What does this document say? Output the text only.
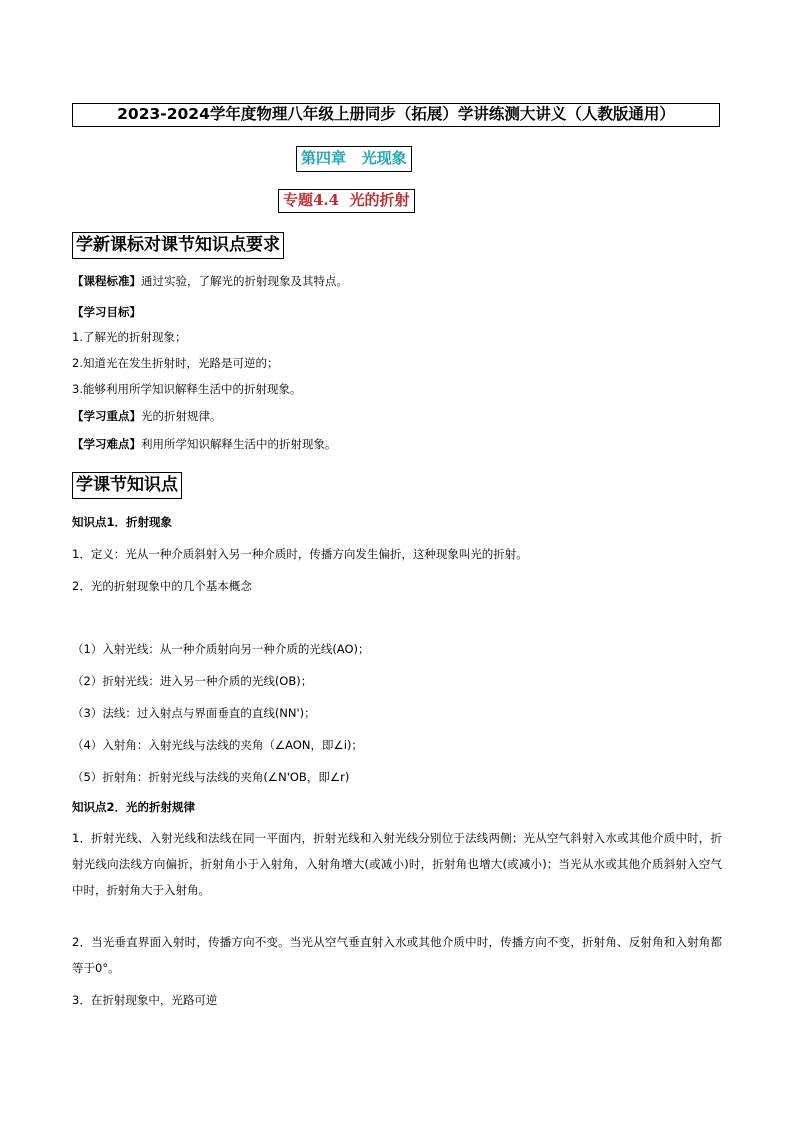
2023-2024学年度物理八年级上册同步（拓展）学讲练测大讲义（人教版通用）
第四章   光现象
专题4.4  光的折射
学新课标对课节知识点要求
【课程标准】通过实验，了解光的折射现象及其特点。
【学习目标】
1.了解光的折射现象；
2.知道光在发生折射时，光路是可逆的；
3.能够利用所学知识解释生活中的折射现象。
【学习重点】光的折射规律。
【学习难点】利用所学知识解释生活中的折射现象。
学课节知识点
知识点1．折射现象
1．定义：光从一种介质斜射入另一种介质时，传播方向发生偏折，这种现象叫光的折射。
2．光的折射现象中的几个基本概念
（1）入射光线：从一种介质射向另一种介质的光线(AO)；
（2）折射光线：进入另一种介质的光线(OB)；
（3）法线：过入射点与界面垂直的直线(NN')；
（4）入射角：入射光线与法线的夹角（∠AON，即∠i)；
（5）折射角：折射光线与法线的夹角(∠N'OB，即∠r)
知识点2．光的折射规律
1．折射光线、入射光线和法线在同一平面内，折射光线和入射光线分别位于法线两侧；光从空气斜射入水或其他介质中时，折射光线向法线方向偏折，折射角小于入射角，入射角增大(或减小)时，折射角也增大(或减小)；当光从水或其他介质斜射入空气中时，折射角大于入射角。
2．当光垂直界面入射时，传播方向不变。当光从空气垂直射入水或其他介质中时，传播方向不变，折射角、反射角和入射角都等于0°。
3．在折射现象中，光路可逆
